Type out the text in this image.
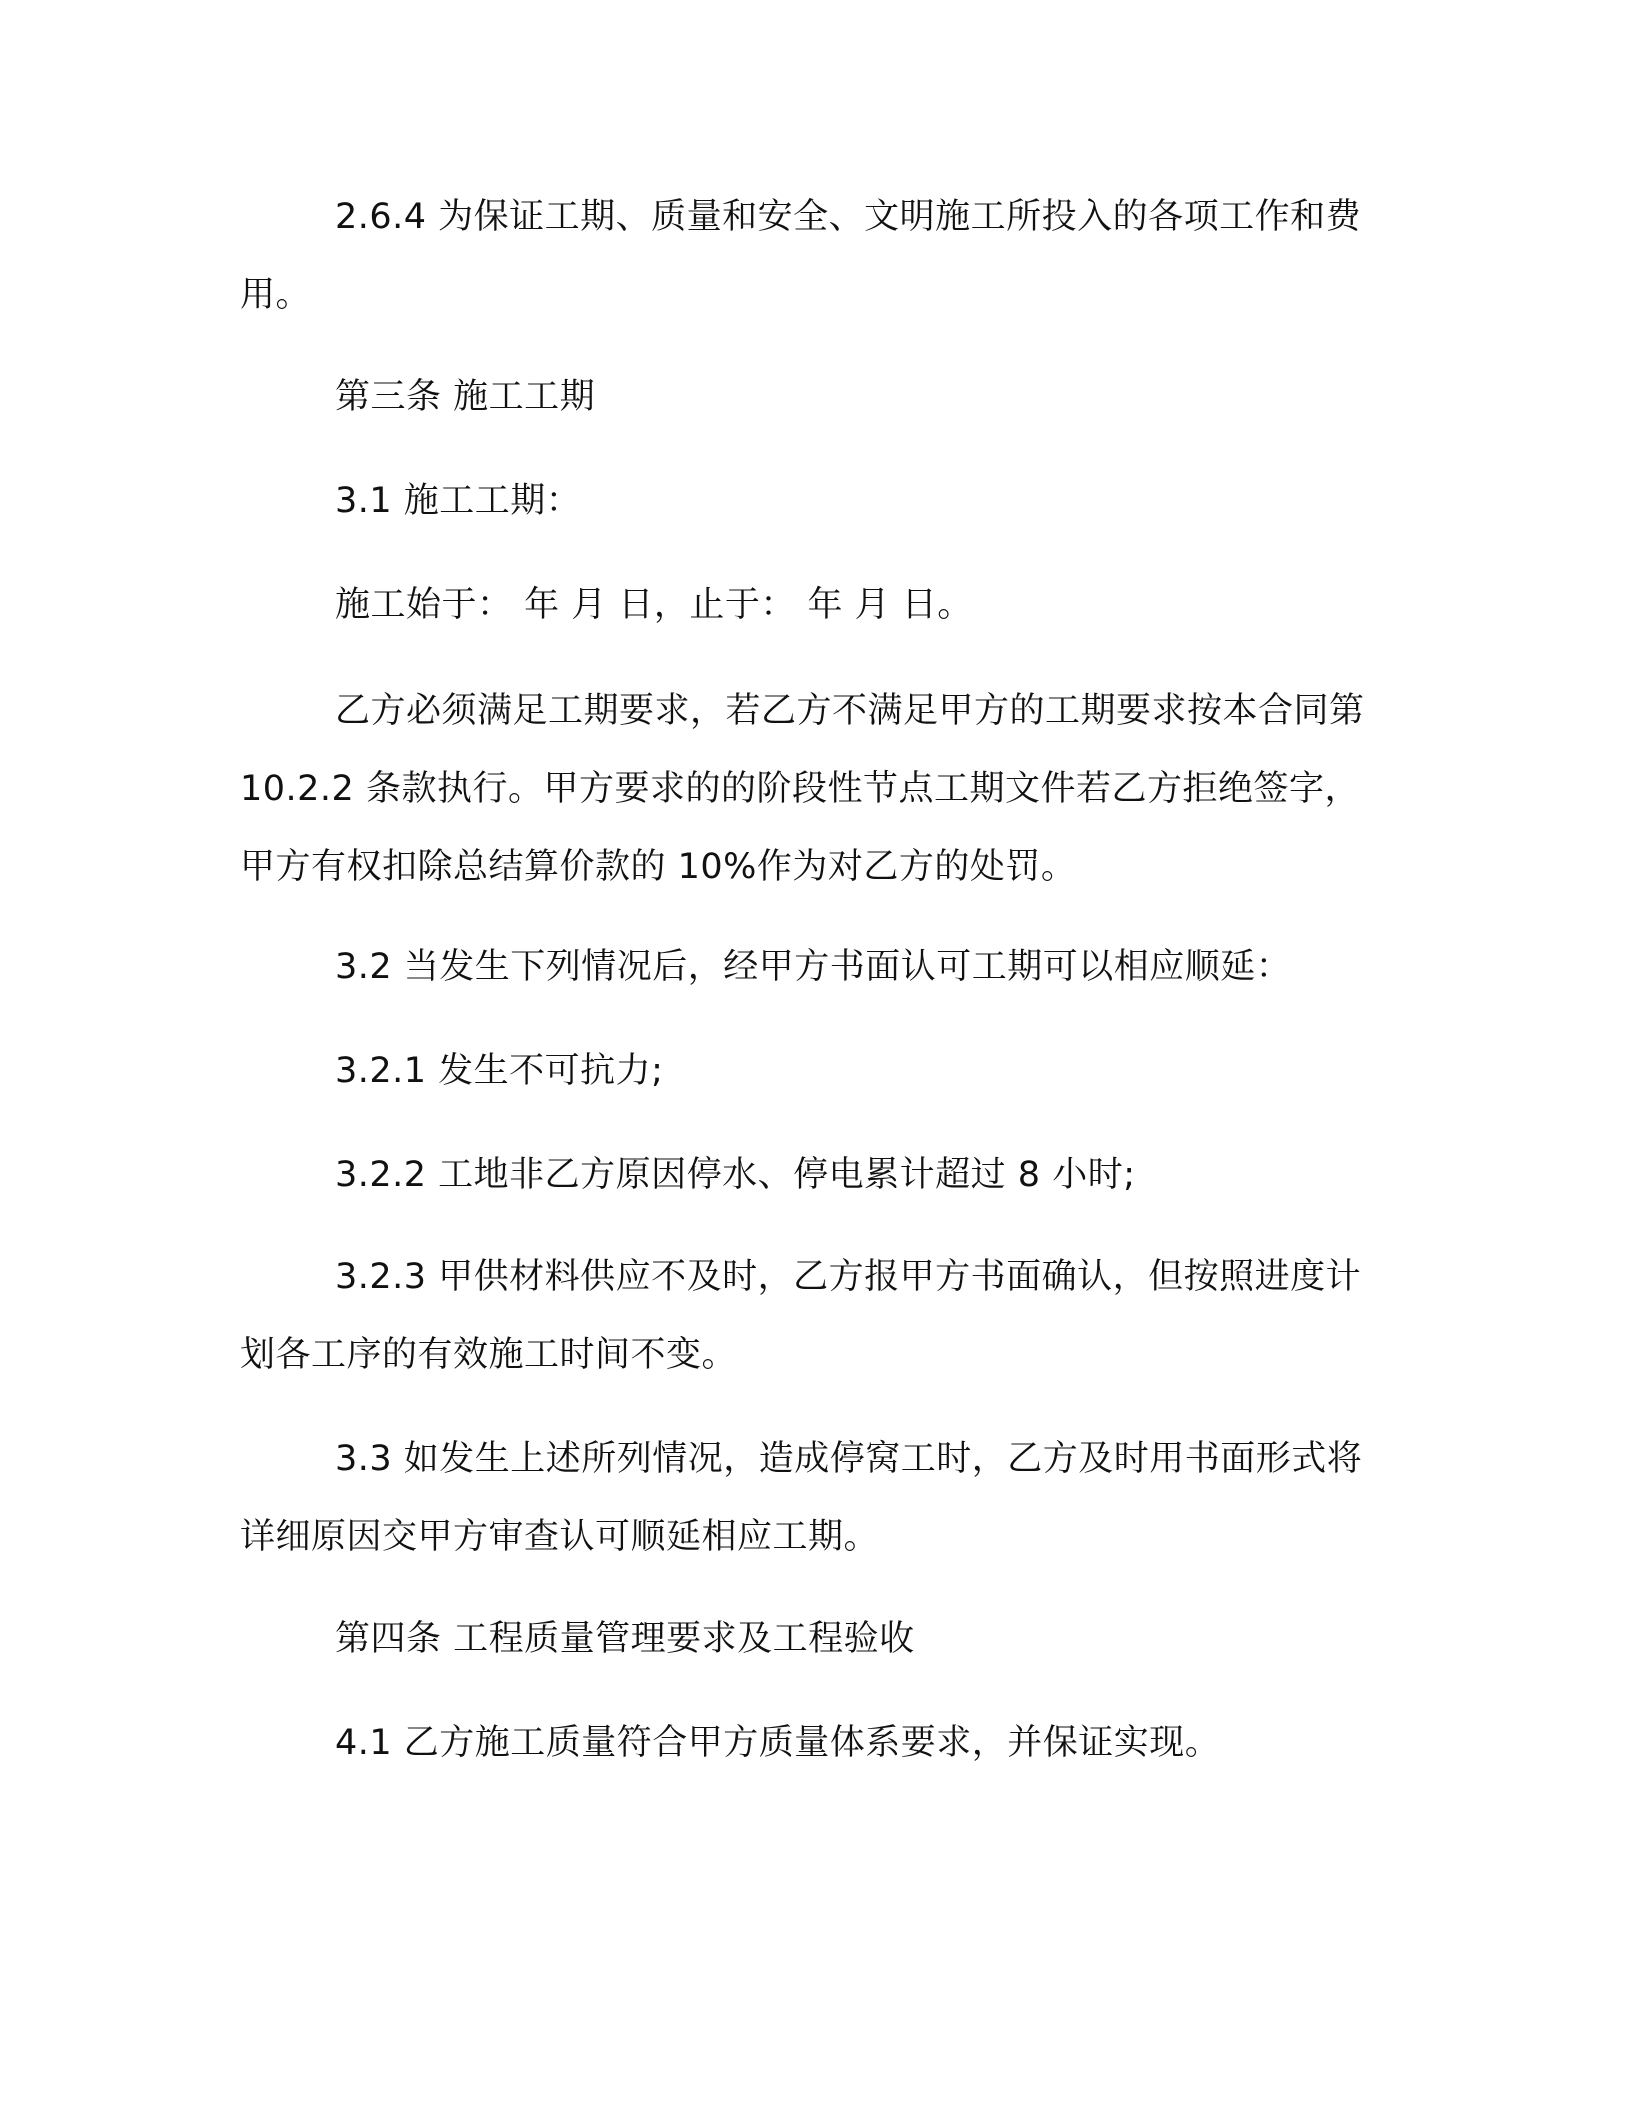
2.6.4 为保证工期、质量和安全、文明施工所投入的各项工作和费用。

第三条 施工工期

3.1 施工工期：

施工始于： 年 月 日，止于： 年 月 日。

乙方必须满足工期要求，若乙方不满足甲方的工期要求按本合同第 10.2.2 条款执行。甲方要求的的阶段性节点工期文件若乙方拒绝签字，甲方有权扣除总结算价款的 10%作为对乙方的处罚。

3.2 当发生下列情况后，经甲方书面认可工期可以相应顺延：

3.2.1 发生不可抗力;

3.2.2 工地非乙方原因停水、停电累计超过 8 小时;

3.2.3 甲供材料供应不及时，乙方报甲方书面确认，但按照进度计划各工序的有效施工时间不变。

3.3 如发生上述所列情况，造成停窝工时，乙方及时用书面形式将详细原因交甲方审查认可顺延相应工期。

第四条 工程质量管理要求及工程验收

4.1 乙方施工质量符合甲方质量体系要求，并保证实现。
